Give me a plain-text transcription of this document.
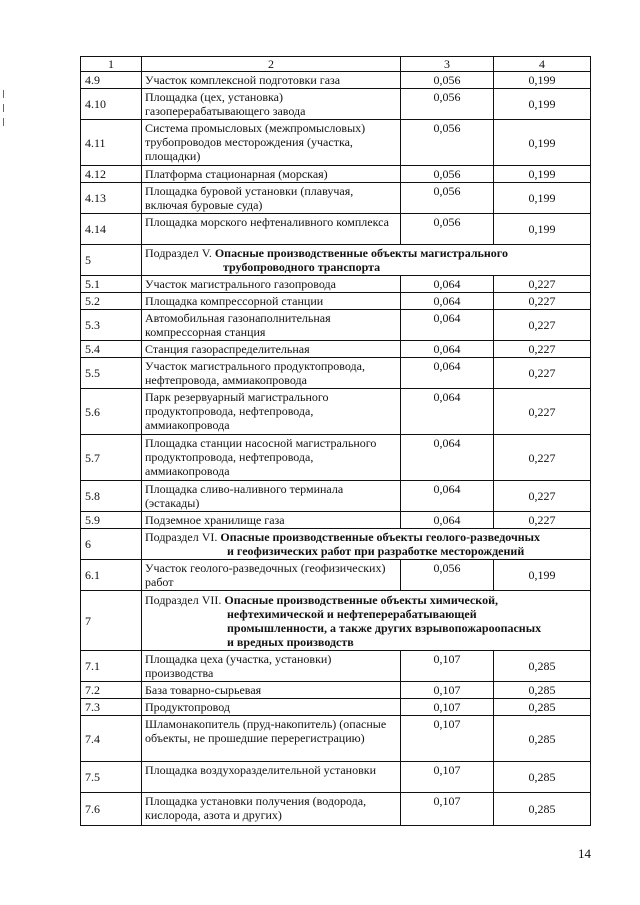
1	2	3	4
4.9	Участок комплексной подготовки газа	0,056	0,199
4.10	Площадка (цех, установка) газоперерабатывающего завода	0,056	0,199
4.11	Система промысловых (межпромысловых) трубопроводов месторождения (участка, площадки)	0,056	0,199
4.12	Платформа стационарная (морская)	0,056	0,199
4.13	Площадка буровой установки (плавучая, включая буровые суда)	0,056	0,199
4.14	Площадка морского нефтеналивного комплекса	0,056	0,199
5	Подраздел V. Опасные производственные объекты магистрального
трубопроводного транспорта		

5.1	Участок магистрального газопровода	0,064	0,227
5.2	Площадка компрессорной станции	0,064	0,227
5.3	Автомобильная газонаполнительная компрессорная станция	0,064	0,227
5.4	Станция газораспределительная	0,064	0,227
5.5	Участок магистрального продуктопровода, нефтепровода, аммиакопровода	0,064	0,227
5.6	Парк резервуарный магистрального продуктопровода, нефтепровода, аммиакопровода	0,064	0,227
5.7	Площадка станции насосной магистрального продуктопровода, нефтепровода, аммиакопровода	0,064	0,227
5.8	Площадка сливо-наливного терминала (эстакады)	0,064	0,227
5.9	Подземное хранилище газа	0,064	0,227
6	Подраздел VI. Опасные производственные объекты геолого-разведочных
и геофизических работ при разработке месторождений		

6.1	Участок геолого-разведочных (геофизических) работ	0,056	0,199
7	Подраздел VII. Опасные производственные объекты химической,
нефтехимической и нефтеперерабатывающей
промышленности, а также других взрывопожароопасных
и вредных производств		

7.1	Площадка цеха (участка, установки) производства	0,107	0,285
7.2	База товарно-сырьевая	0,107	0,285
7.3	Продуктопровод	0,107	0,285
7.4	Шламонакопитель (пруд-накопитель) (опасные объекты, не прошедшие перерегистрацию)	0,107	0,285
7.5	Площадка воздухоразделительной установки	0,107	0,285
7.6	Площадка установки получения (водорода, кислорода, азота и других)	0,107	0,285
14
